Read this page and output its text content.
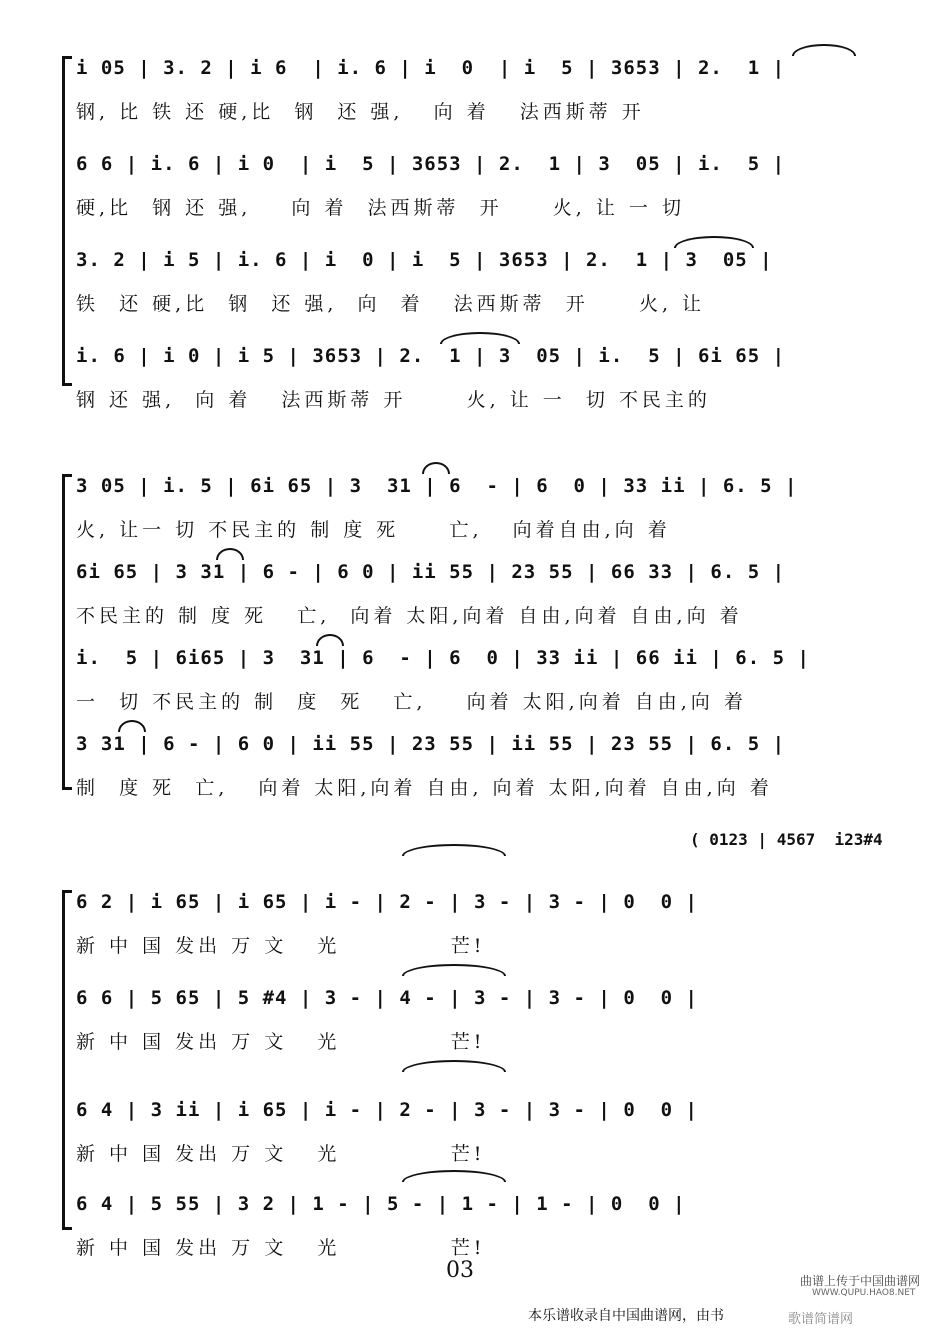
i 05 | 3. 2 | i 6  | i. 6 | i  0  | i  5 | 3653 | 2.  1 |
钢, 比 铁 还 硬,比  钢  还 强,   向 着   法西斯蒂 开
6 6 | i. 6 | i 0  | i  5 | 3653 | 2.  1 | 3  05 | i.  5 |
硬,比  钢 还 强,    向 着  法西斯蒂  开     火, 让 一 切
3. 2 | i 5 | i. 6 | i  0 | i  5 | 3653 | 2.  1 | 3  05 |
铁  还 硬,比  钢  还 强,  向  着   法西斯蒂  开     火, 让
i. 6 | i 0 | i 5 | 3653 | 2.  1 | 3  05 | i.  5 | 6i 65 |
钢 还 强,  向 着   法西斯蒂 开      火, 让 一  切 不民主的
3 05 | i. 5 | 6i 65 | 3  31 | 6  - | 6  0 | 33 ii | 6. 5 |
火, 让一 切 不民主的 制 度 死     亡,   向着自由,向 着
6i 65 | 3 31 | 6 - | 6 0 | ii 55 | 23 55 | 66 33 | 6. 5 |
不民主的 制 度 死   亡,  向着 太阳,向着 自由,向着 自由,向 着
i.  5 | 6i65 | 3  31 | 6  - | 6  0 | 33 ii | 66 ii | 6. 5 |
一  切 不民主的 制  度  死   亡,    向着 太阳,向着 自由,向 着
3 31 | 6 - | 6 0 | ii 55 | 23 55 | ii 55 | 23 55 | 6. 5 |
制  度 死  亡,   向着 太阳,向着 自由, 向着 太阳,向着 自由,向 着
( 0123 | 4567  i23#4
6 2 | i 65 | i 65 | i - | 2 - | 3 - | 3 - | 0  0 |
新 中 国 发出 万 文   光           芒!
6 6 | 5 65 | 5 #4 | 3 - | 4 - | 3 - | 3 - | 0  0 |
新 中 国 发出 万 文   光           芒!
6 4 | 3 ii | i 65 | i - | 2 - | 3 - | 3 - | 0  0 |
新 中 国 发出 万 文   光           芒!
6 4 | 5 55 | 3 2 | 1 - | 5 - | 1 - | 1 - | 0  0 |
新 中 国 发出 万 文   光           芒!
03
本乐谱收录自中国曲谱网，由书
曲谱上传于中国曲谱网
WWW.QUPU.HAO8.NET
歌谱简谱网
